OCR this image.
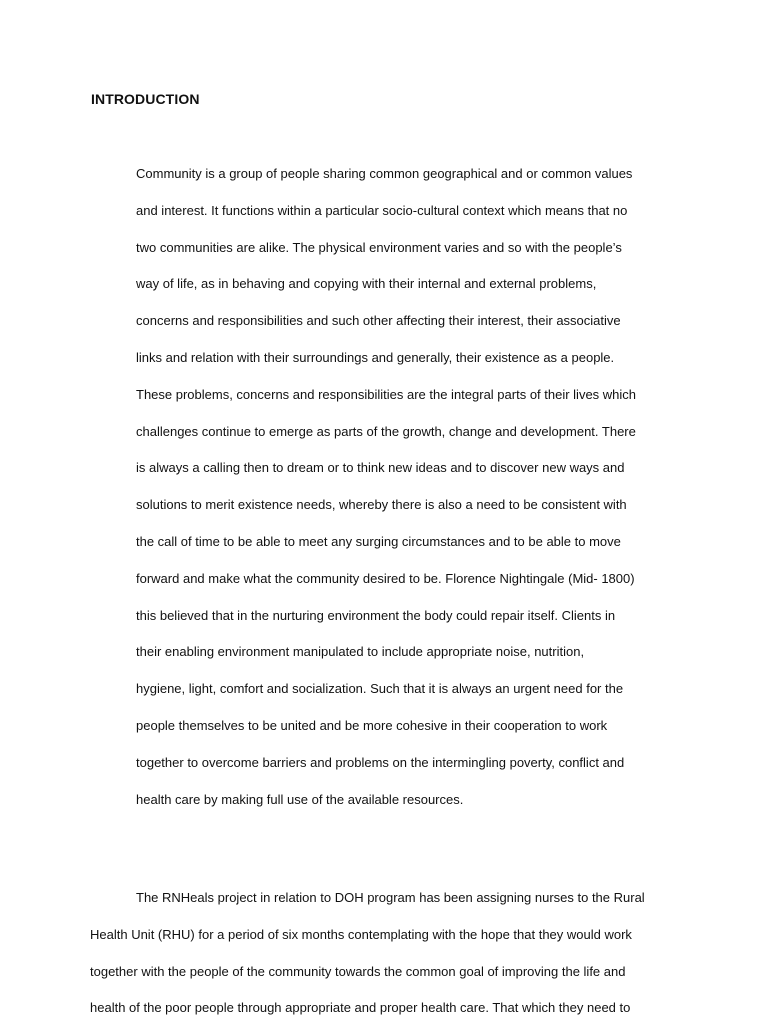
INTRODUCTION
Community is a group of people sharing common geographical and or common values
and interest. It functions within a particular socio-cultural context which means that no
two communities are alike. The physical environment varies and so with the people’s
way of life, as in behaving and copying with their internal and external problems,
concerns and responsibilities and such other affecting their interest, their associative
links and relation with their surroundings and generally, their existence as a people.
These problems, concerns and responsibilities are the integral parts of their lives which
challenges continue to emerge as parts of the growth, change and development. There
is always a calling then to dream or to think new ideas and to discover new ways and
solutions to merit existence needs, whereby there is also a need to be consistent with
the call of time to be able to meet any surging circumstances and to be able to move
forward and make what the community desired to be. Florence Nightingale (Mid- 1800)
this believed that in the nurturing environment the body could repair itself. Clients in
their enabling environment manipulated to include appropriate noise, nutrition,
hygiene, light, comfort and socialization. Such that it is always an urgent need for the
people themselves to be united and be more cohesive in their cooperation to work
together to overcome barriers and problems on the intermingling poverty, conflict and
health care by making full use of the available resources.
The RNHeals project in relation to DOH program has been assigning nurses to the Rural
Health Unit (RHU) for a period of six months contemplating with the hope that they would work
together with the people of the community towards the common goal of improving the life and
health of the poor people through appropriate and proper health care. That which they need to
